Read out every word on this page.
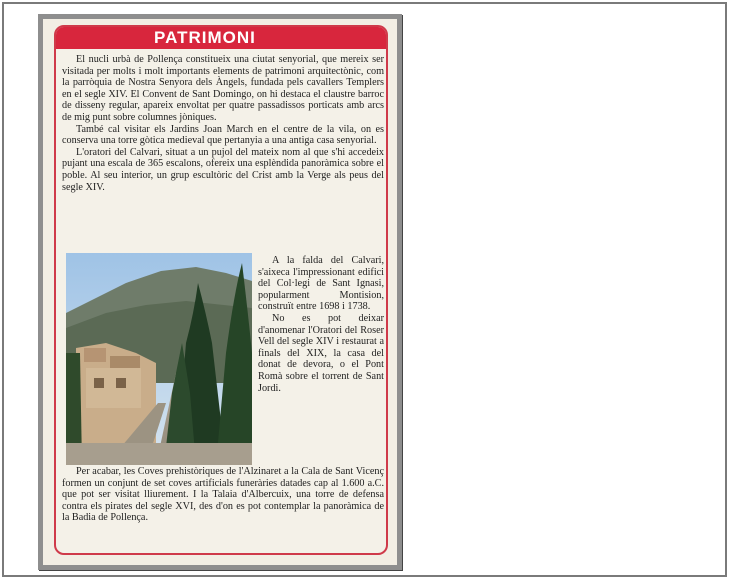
PATRIMONI
El nucli urbà de Pollença constitueix una ciutat senyorial, que mereix ser visitada per molts i molt importants elements de patrimoni arquitectònic, com la parròquia de Nostra Senyora dels Àngels, fundada pels cavallers Templers en el segle XIV. El Convent de Sant Domingo, on hi destaca el claustre barroc de disseny regular, apareix envoltat per quatre passadissos porticats amb arcs de mig punt sobre columnes jòniques.
També cal visitar els Jardins Joan March en el centre de la vila, on es conserva una torre gòtica medieval que pertanyia a una antiga casa senyorial.
L'oratori del Calvari, situat a un pujol del mateix nom al que s'hi accedeix pujant una escala de 365 escalons, ofereix una esplèndida panoràmica sobre el poble. Al seu interior, un grup escultòric del Crist amb la Verge als peus del segle XIV.
A la falda del Calvari, s'aixeca l'impressionant edifici del Col·legi de Sant Ignasi, popularment Montision, construït entre 1698 i 1738.
No es pot deixar d'anomenar l'Oratori del Roser Vell del segle XIV i restaurat a finals del XIX, la casa del donat de devora, o el Pont Romà sobre el torrent de Sant Jordi.
Per acabar, les Coves prehistòriques de l'Alzinaret a la Cala de Sant Vicenç formen un conjunt de set coves artificials funeràries datades cap al 1.600 a.C. que pot ser visitat lliurement. I la Talaia d'Albercuix, una torre de defensa contra els pirates del segle XVI, des d'on es pot contemplar la panoràmica de la Badia de Pollença.
